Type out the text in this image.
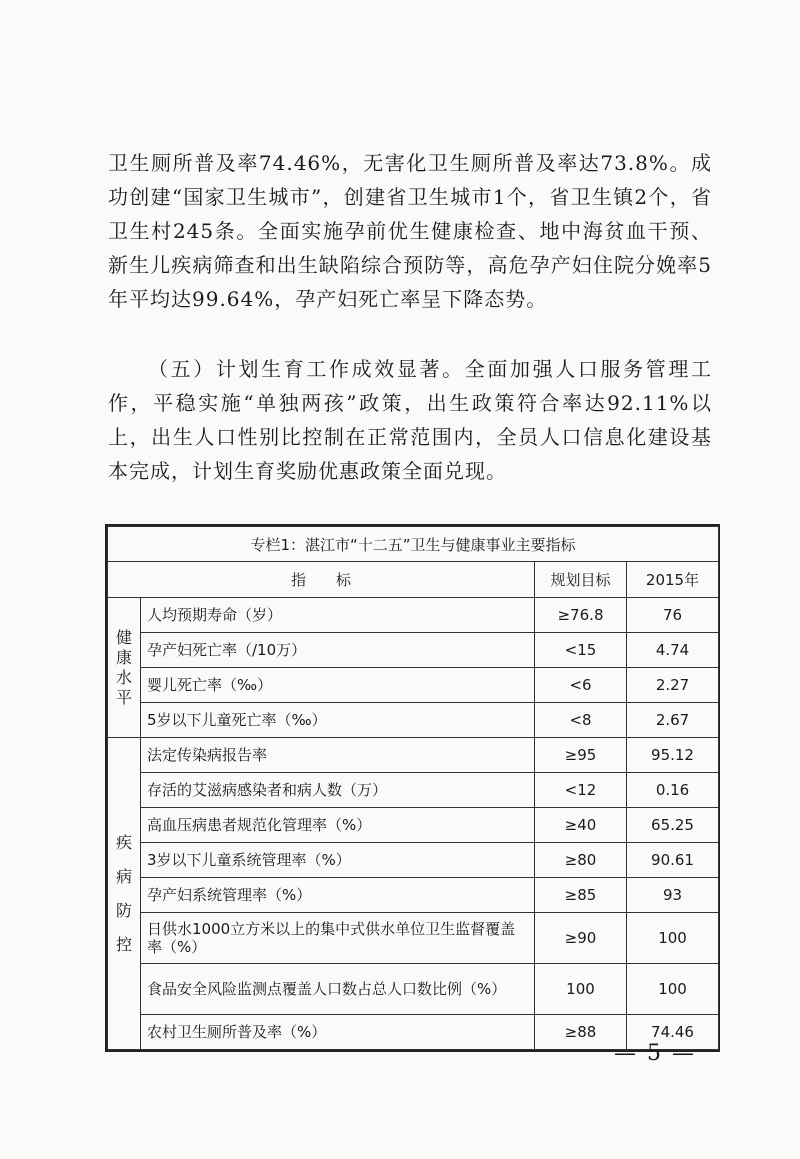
卫生厕所普及率74.46%，无害化卫生厕所普及率达73.8%。成功创建“国家卫生城市”，创建省卫生城市1个，省卫生镇2个，省卫生村245条。全面实施孕前优生健康检查、地中海贫血干预、新生儿疾病筛查和出生缺陷综合预防等，高危孕产妇住院分娩率5年平均达99.64%，孕产妇死亡率呈下降态势。

（五）计划生育工作成效显著。全面加强人口服务管理工作，平稳实施“单独两孩”政策，出生政策符合率达92.11%以上，出生人口性别比控制在正常范围内，全员人口信息化建设基本完成，计划生育奖励优惠政策全面兑现。

专栏1：湛江市“十二五”卫生与健康事业主要指标			
指　　标		规划目标	2015年

健
康
水
平	人均预期寿命（岁）	≥76.8	76
	孕产妇死亡率（/10万）	<15	4.74
	婴儿死亡率（‰）	<6	2.27
	5岁以下儿童死亡率（‰）	<8	2.67

疾
病
防
控	法定传染病报告率	≥95	95.12
	存活的艾滋病感染者和病人数（万）	<12	0.16
	高血压病患者规范化管理率（%）	≥40	65.25
	3岁以下儿童系统管理率（%）	≥80	90.61
	孕产妇系统管理率（%）	≥85	93
	日供水1000立方米以上的集中式供水单位卫生监督覆盖率（%）	≥90	100
	食品安全风险监测点覆盖人口数占总人口数比例（%）	100	100
	农村卫生厕所普及率（%）	≥88	74.46
— 5 —
